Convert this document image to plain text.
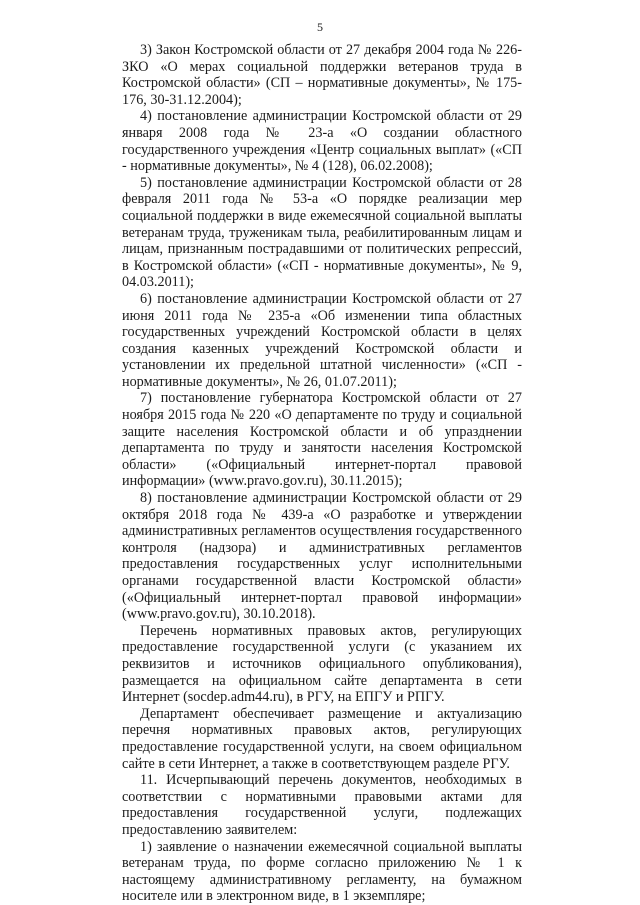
5

3) Закон Костромской области от 27 декабря 2004 года № 226-ЗКО «О мерах социальной поддержки ветеранов труда в Костромской области» (СП – нормативные документы», № 175-176, 30-31.12.2004);

4) постановление администрации Костромской области от 29 января 2008 года № 23-а «О создании областного государственного учреждения «Центр социальных выплат» («СП - нормативные документы», № 4 (128), 06.02.2008);

5) постановление администрации Костромской области от 28 февраля 2011 года № 53-а «О порядке реализации мер социальной поддержки в виде ежемесячной социальной выплаты ветеранам труда, труженикам тыла, реабилитированным лицам и лицам, признанным пострадавшими от политических репрессий, в Костромской области» («СП - нормативные документы», № 9, 04.03.2011);

6) постановление администрации Костромской области от 27 июня 2011 года № 235-а «Об изменении типа областных государственных учреждений Костромской области в целях создания казенных учреждений Костромской области и установлении их предельной штатной численности» («СП - нормативные документы», № 26, 01.07.2011);

7) постановление губернатора Костромской области от 27 ноября 2015 года № 220 «О департаменте по труду и социальной защите населения Костромской области и об упразднении департамента по труду и занятости населения Костромской области» («Официальный интернет-портал правовой информации» (www.pravo.gov.ru), 30.11.2015);

8) постановление администрации Костромской области от 29 октября 2018 года № 439-а «О разработке и утверждении административных регламентов осуществления государственного контроля (надзора) и административных регламентов предоставления государственных услуг исполнительными органами государственной власти Костромской области» («Официальный интернет-портал правовой информации» (www.pravo.gov.ru), 30.10.2018).

Перечень нормативных правовых актов, регулирующих предоставление государственной услуги (с указанием их реквизитов и источников официального опубликования), размещается на официальном сайте департамента в сети Интернет (socdep.adm44.ru), в РГУ, на ЕПГУ и РПГУ.

Департамент обеспечивает размещение и актуализацию перечня нормативных правовых актов, регулирующих предоставление государственной услуги, на своем официальном сайте в сети Интернет, а также в соответствующем разделе РГУ.

11. Исчерпывающий перечень документов, необходимых в соответствии с нормативными правовыми актами для предоставления государственной услуги, подлежащих предоставлению заявителем:

1) заявление о назначении ежемесячной социальной выплаты ветеранам труда, по форме согласно приложению № 1 к настоящему административному регламенту, на бумажном носителе или в электронном виде, в 1 экземпляре;
